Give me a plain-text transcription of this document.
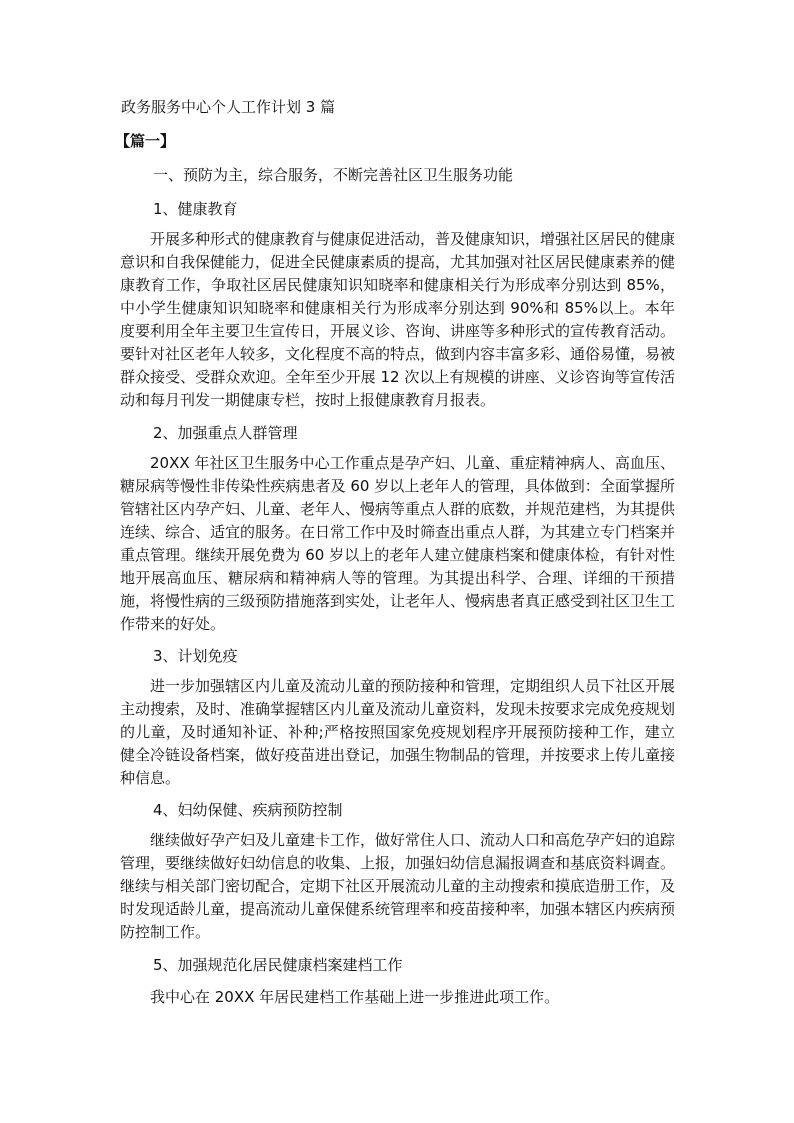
政务服务中心个人工作计划 3 篇
【篇一】
一、预防为主，综合服务，不断完善社区卫生服务功能
1、健康教育
开展多种形式的健康教育与健康促进活动，普及健康知识，增强社区居民的健康意识和自我保健能力，促进全民健康素质的提高，尤其加强对社区居民健康素养的健康教育工作，争取社区居民健康知识知晓率和健康相关行为形成率分别达到 85%，中小学生健康知识知晓率和健康相关行为形成率分别达到 90%和 85%以上。本年度要利用全年主要卫生宣传日，开展义诊、咨询、讲座等多种形式的宣传教育活动。要针对社区老年人较多，文化程度不高的特点，做到内容丰富多彩、通俗易懂，易被群众接受、受群众欢迎。全年至少开展 12 次以上有规模的讲座、义诊咨询等宣传活动和每月刊发一期健康专栏，按时上报健康教育月报表。
2、加强重点人群管理
20XX 年社区卫生服务中心工作重点是孕产妇、儿童、重症精神病人、高血压、糖尿病等慢性非传染性疾病患者及 60 岁以上老年人的管理，具体做到：全面掌握所管辖社区内孕产妇、儿童、老年人、慢病等重点人群的底数，并规范建档，为其提供连续、综合、适宜的服务。在日常工作中及时筛查出重点人群，为其建立专门档案并重点管理。继续开展免费为 60 岁以上的老年人建立健康档案和健康体检，有针对性地开展高血压、糖尿病和精神病人等的管理。为其提出科学、合理、详细的干预措施，将慢性病的三级预防措施落到实处，让老年人、慢病患者真正感受到社区卫生工作带来的好处。
3、计划免疫
进一步加强辖区内儿童及流动儿童的预防接种和管理，定期组织人员下社区开展主动搜索，及时、准确掌握辖区内儿童及流动儿童资料，发现未按要求完成免疫规划的儿童，及时通知补证、补种;严格按照国家免疫规划程序开展预防接种工作，建立健全冷链设备档案，做好疫苗进出登记，加强生物制品的管理，并按要求上传儿童接种信息。
4、妇幼保健、疾病预防控制
继续做好孕产妇及儿童建卡工作，做好常住人口、流动人口和高危孕产妇的追踪管理，要继续做好妇幼信息的收集、上报，加强妇幼信息漏报调查和基底资料调查。继续与相关部门密切配合，定期下社区开展流动儿童的主动搜索和摸底造册工作，及时发现适龄儿童，提高流动儿童保健系统管理率和疫苗接种率，加强本辖区内疾病预防控制工作。
5、加强规范化居民健康档案建档工作
我中心在 20XX 年居民建档工作基础上进一步推进此项工作。
